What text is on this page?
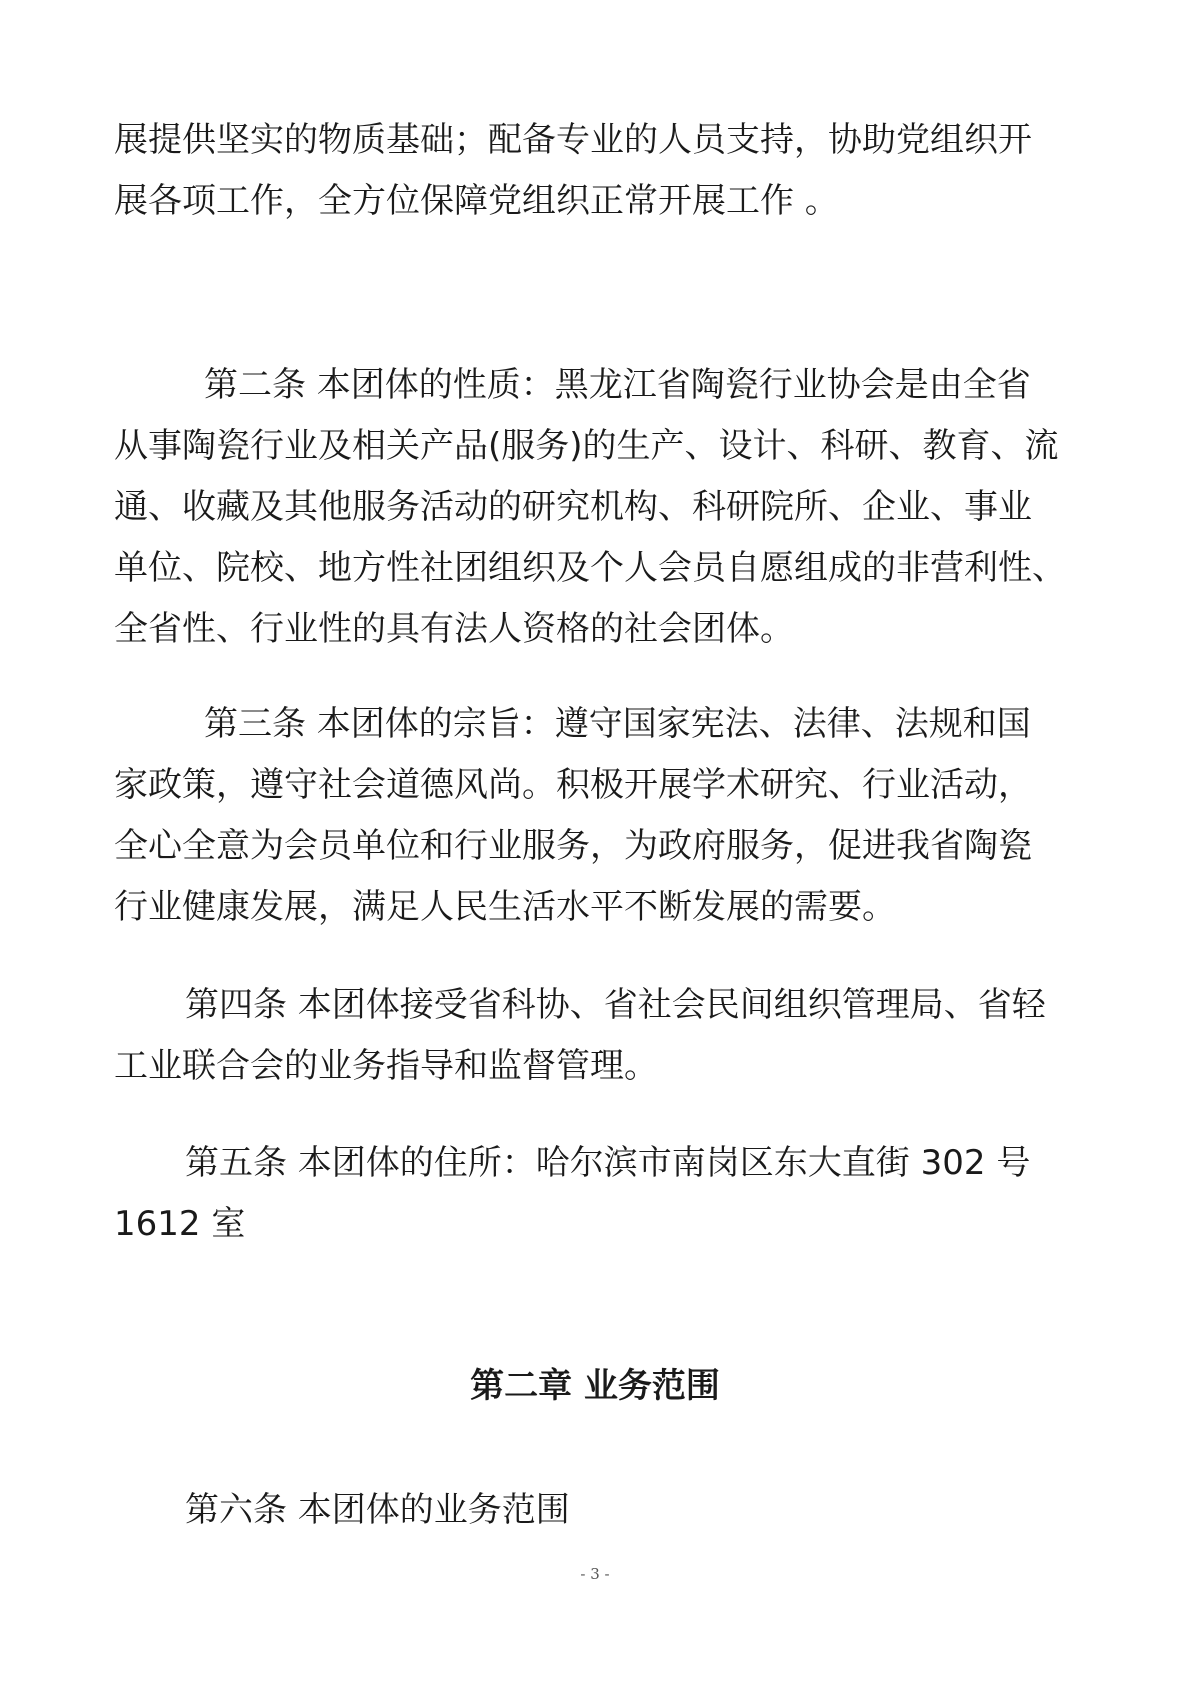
展提供坚实的物质基础；配备专业的人员支持，协助党组织开
展各项工作，全方位保障党组织正常开展工作 。

第二条 本团体的性质：黑龙江省陶瓷行业协会是由全省
从事陶瓷行业及相关产品(服务)的生产、设计、科研、教育、流
通、收藏及其他服务活动的研究机构、科研院所、企业、事业
单位、院校、地方性社团组织及个人会员自愿组成的非营利性、
全省性、行业性的具有法人资格的社会团体。

第三条 本团体的宗旨：遵守国家宪法、法律、法规和国
家政策，遵守社会道德风尚。积极开展学术研究、行业活动，
全心全意为会员单位和行业服务，为政府服务，促进我省陶瓷
行业健康发展，满足人民生活水平不断发展的需要。

第四条 本团体接受省科协、省社会民间组织管理局、省轻
工业联合会的业务指导和监督管理。

第五条 本团体的住所：哈尔滨市南岗区东大直街 302 号
1612 室

第二章 业务范围

第六条 本团体的业务范围

- 3 -
